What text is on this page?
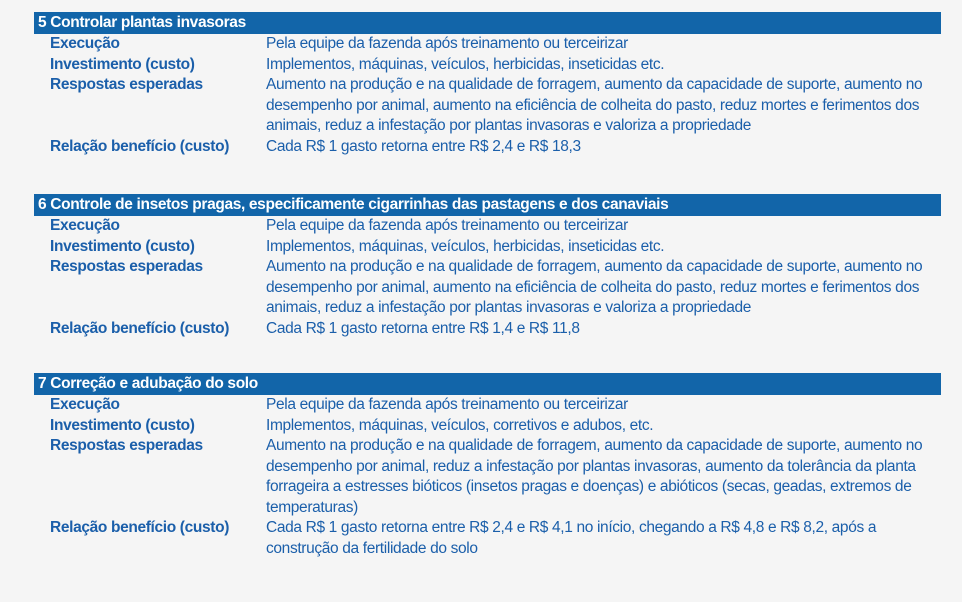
5 Controlar plantas invasoras
Execução	Pela equipe da fazenda após treinamento ou terceirizar
Investimento (custo)	Implementos, máquinas, veículos, herbicidas, inseticidas etc.
Respostas esperadas	Aumento na produção e na qualidade de forragem, aumento da capacidade de suporte, aumento no desempenho por animal, aumento na eficiência de colheita do pasto, reduz mortes e ferimentos dos animais, reduz a infestação por plantas invasoras e valoriza a propriedade
Relação benefício (custo)	Cada R$ 1 gasto retorna entre R$ 2,4 e R$ 18,3
6 Controle de insetos pragas, especificamente cigarrinhas das pastagens e dos canaviais
Execução	Pela equipe da fazenda após treinamento ou terceirizar
Investimento (custo)	Implementos, máquinas, veículos, herbicidas, inseticidas etc.
Respostas esperadas	Aumento na produção e na qualidade de forragem, aumento da capacidade de suporte, aumento no desempenho por animal, aumento na eficiência de colheita do pasto, reduz mortes e ferimentos dos animais, reduz a infestação por plantas invasoras e valoriza a propriedade
Relação benefício (custo)	Cada R$ 1 gasto retorna entre R$ 1,4 e R$ 11,8
7 Correção e adubação do solo
Execução	Pela equipe da fazenda após treinamento ou terceirizar
Investimento (custo)	Implementos, máquinas, veículos, corretivos e adubos, etc.
Respostas esperadas	Aumento na produção e na qualidade de forragem, aumento da capacidade de suporte, aumento no desempenho por animal, reduz a infestação por plantas invasoras, aumento da tolerância da planta forrageira a estresses bióticos (insetos pragas e doenças) e abióticos (secas, geadas, extremos de temperaturas)
Relação benefício (custo)	Cada R$ 1 gasto retorna entre R$ 2,4 e R$ 4,1 no início, chegando a R$ 4,8 e R$ 8,2, após a construção da fertilidade do solo
